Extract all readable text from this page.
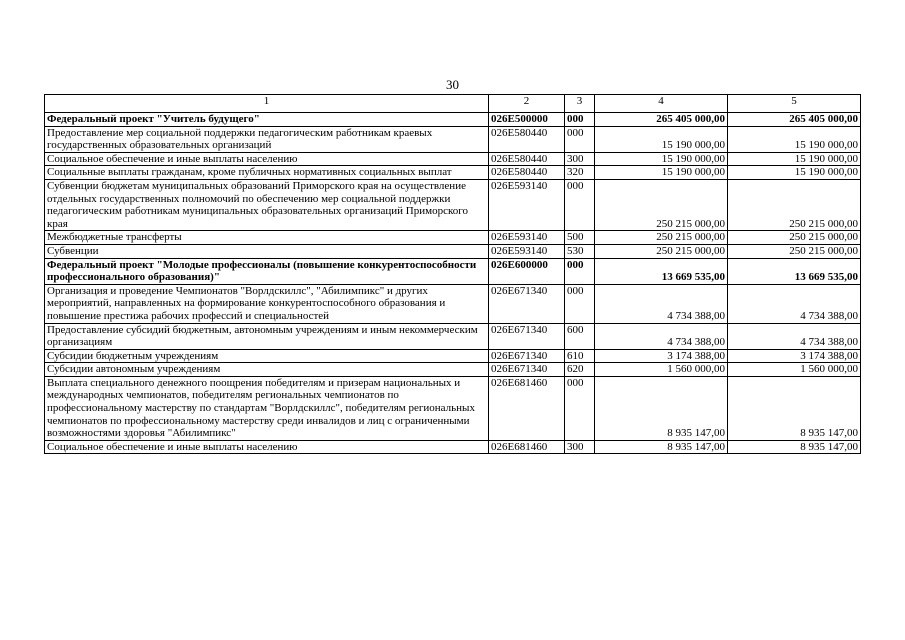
30
1	2	3	4	5
Федеральный проект "Учитель будущего"	026E500000	000	265 405 000,00	265 405 000,00
Предоставление мер социальной поддержки педагогическим работникам краевых государственных образовательных организаций	026E580440	000	15 190 000,00	15 190 000,00
Социальное обеспечение и иные выплаты населению	026E580440	300	15 190 000,00	15 190 000,00
Социальные выплаты гражданам, кроме публичных нормативных социальных выплат	026E580440	320	15 190 000,00	15 190 000,00
Субвенции бюджетам муниципальных образований Приморского края на осуществление отдельных государственных полномочий по обеспечению мер социальной поддержки педагогическим работникам муниципальных образовательных организаций Приморского края	026E593140	000	250 215 000,00	250 215 000,00
Межбюджетные трансферты	026E593140	500	250 215 000,00	250 215 000,00
Субвенции	026E593140	530	250 215 000,00	250 215 000,00
Федеральный проект "Молодые профессионалы (повышение конкурентоспособности профессионального образования)"	026E600000	000	13 669 535,00	13 669 535,00
Организация и проведение Чемпионатов "Ворлдскиллс", "Абилимпикс" и других мероприятий, направленных на формирование конкурентоспособного образования и повышение престижа рабочих профессий и специальностей	026E671340	000	4 734 388,00	4 734 388,00
Предоставление субсидий бюджетным, автономным учреждениям и иным некоммерческим организациям	026E671340	600	4 734 388,00	4 734 388,00
Субсидии бюджетным учреждениям	026E671340	610	3 174 388,00	3 174 388,00
Субсидии автономным учреждениям	026E671340	620	1 560 000,00	1 560 000,00
Выплата специального денежного поощрения победителям и призерам национальных и международных чемпионатов, победителям региональных чемпионатов по профессиональному мастерству по стандартам "Ворлдскиллс", победителям региональных чемпионатов по профессиональному мастерству среди инвалидов и лиц с ограниченными возможностями здоровья "Абилимпикс"	026E681460	000	8 935 147,00	8 935 147,00
Социальное обеспечение и иные выплаты населению	026E681460	300	8 935 147,00	8 935 147,00
